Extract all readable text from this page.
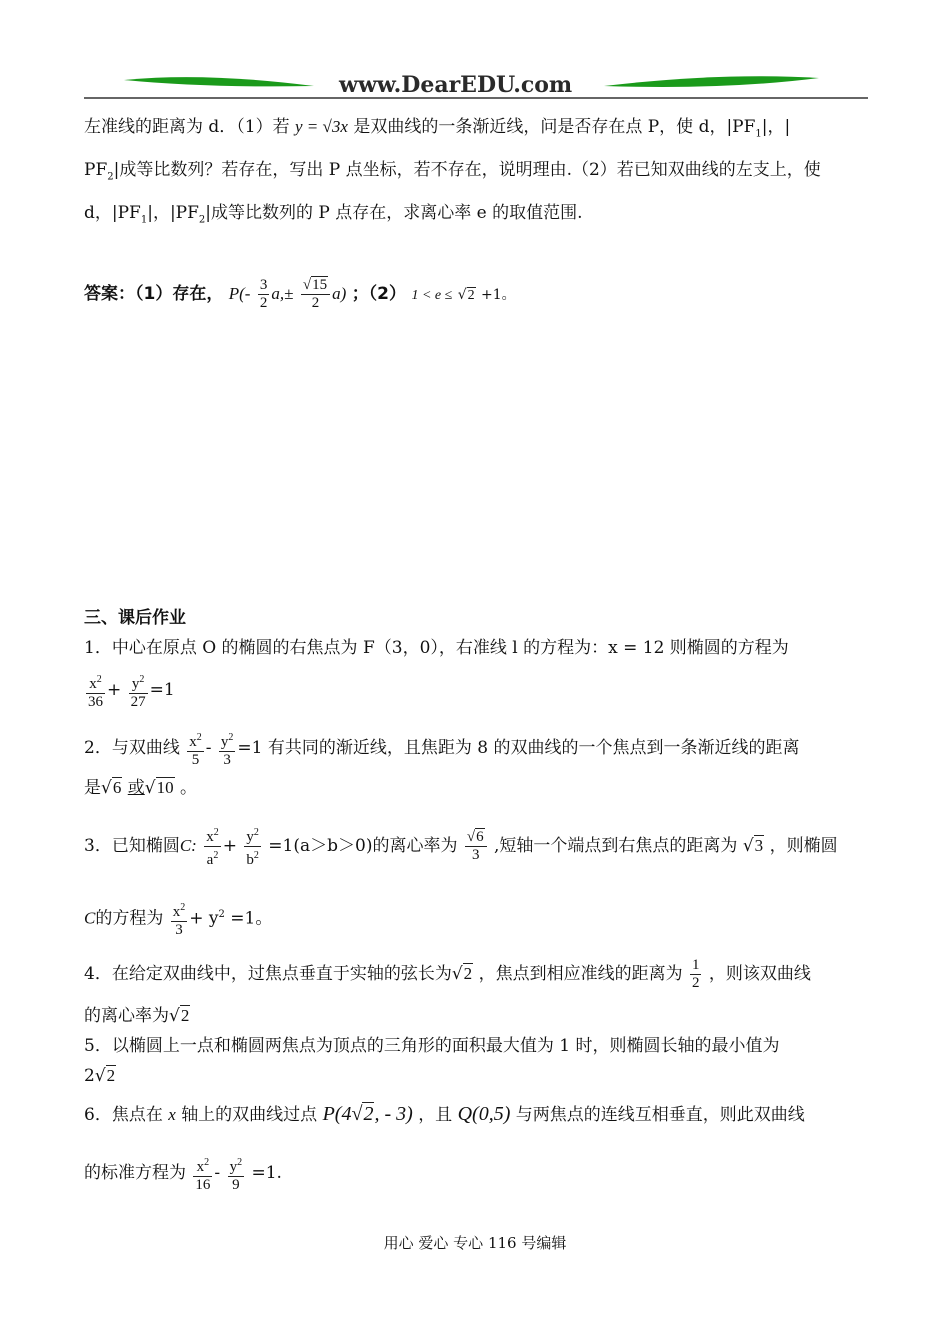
www.DearEDU.com
左准线的距离为 d．（1）若 y = √3x 是双曲线的一条渐近线，问是否存在点 P，使 d，$|PF_1|$，|
$PF_2|$成等比数列？若存在，写出 P 点坐标，若不存在，说明理由.（2）若已知双曲线的左支上，使
d，$|PF_1|$，$|PF_2|$成等比数列的 P 点存在，求离心率 e 的取值范围.
答案：（1）存在， $P(- \frac{3}{2} a,\pm \frac{√15}{2} a)$ ；（2） 1 < e ≤ √2 +1。
三、课后作业
1．中心在原点 O 的椭圆的右焦点为 F（3，0），右准线 l 的方程为：x = 12 则椭圆的方程为
$\frac{x^2}{36} + \frac{y^2}{27} =1$
2．与双曲线 $\frac{x^2}{5} - \frac{y^2}{3} =1$ 有共同的渐近线，且焦距为 8 的双曲线的一个焦点到一条渐近线的距离
是√6 或√10 。
3．已知椭圆C: $\frac{x^2}{a^2} + \frac{y^2}{b^2} =1(a>b>0)$的离心率为 $\frac{√6}{3}$ ,短轴一个端点到右焦点的距离为 √3 ，则椭圆
C的方程为 $\frac{x^2}{3} + y^2 =1$。
4．在给定双曲线中，过焦点垂直于实轴的弦长为√2 ，焦点到相应准线的距离为 $\frac{1}{2}$ ，则该双曲线
的离心率为√2
5．以椭圆上一点和椭圆两焦点为顶点的三角形的面积最大值为 1 时，则椭圆长轴的最小值为
2√2
6．焦点在 x 轴上的双曲线过点 P(4√2, - 3) ，且 Q(0,5) 与两焦点的连线互相垂直，则此双曲线
的标准方程为 $\frac{x^2}{16} - \frac{y^2}{9} =1$.
用心 爱心 专心 116 号编辑
